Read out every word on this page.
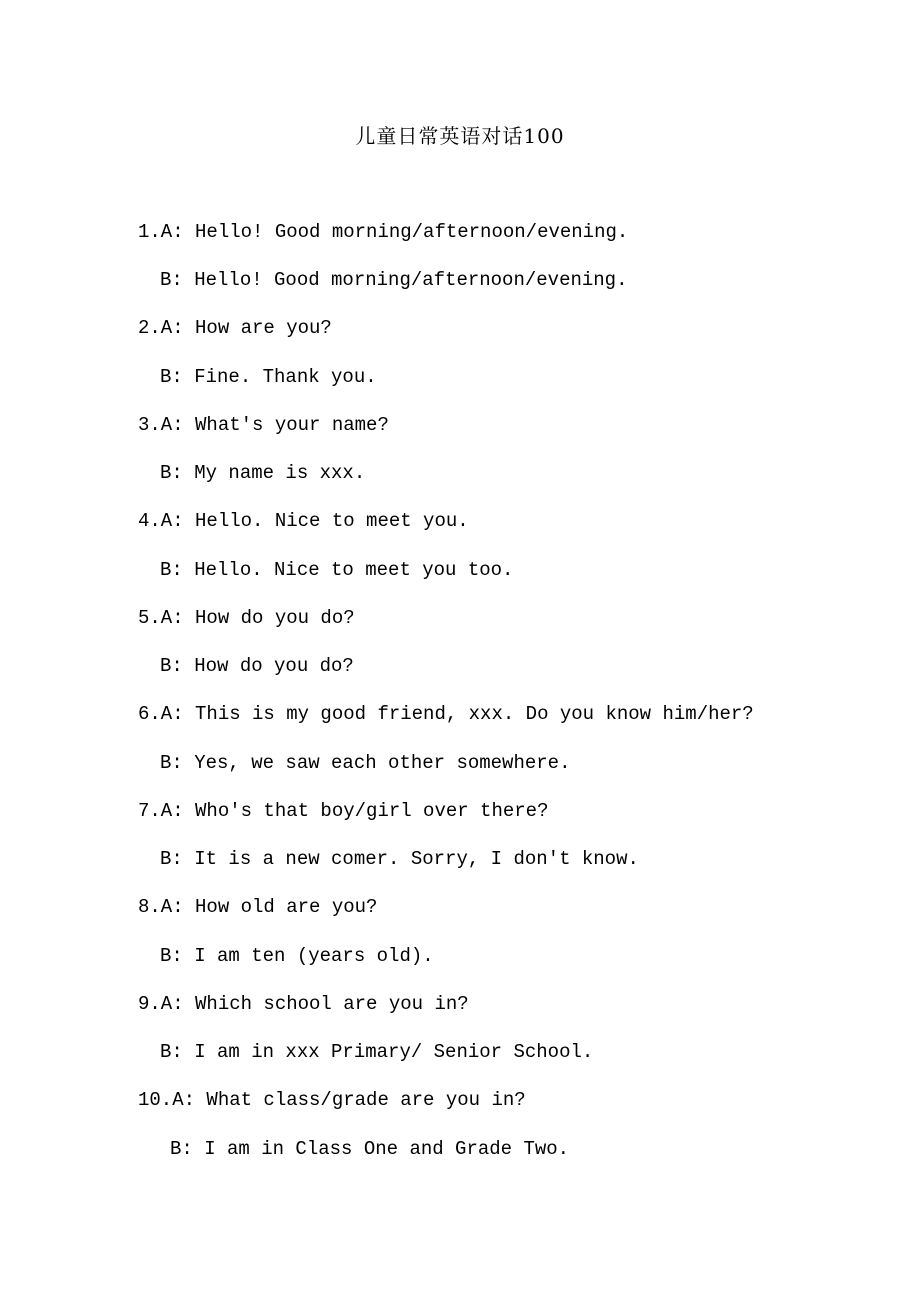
儿童日常英语对话100
1.A: Hello! Good morning/afternoon/evening.
B: Hello! Good morning/afternoon/evening.
2.A: How are you?
B: Fine. Thank you.
3.A: What's your name?
B: My name is xxx.
4.A: Hello. Nice to meet you.
B: Hello. Nice to meet you too.
5.A: How do you do?
B: How do you do?
6.A: This is my good friend, xxx. Do you know him/her?
B: Yes, we saw each other somewhere.
7.A: Who's that boy/girl over there?
B: It is a new comer. Sorry, I don't know.
8.A: How old are you?
B: I am ten (years old).
9.A: Which school are you in?
B: I am in xxx Primary/ Senior School.
10.A: What class/grade are you in?
B: I am in Class One and Grade Two.
